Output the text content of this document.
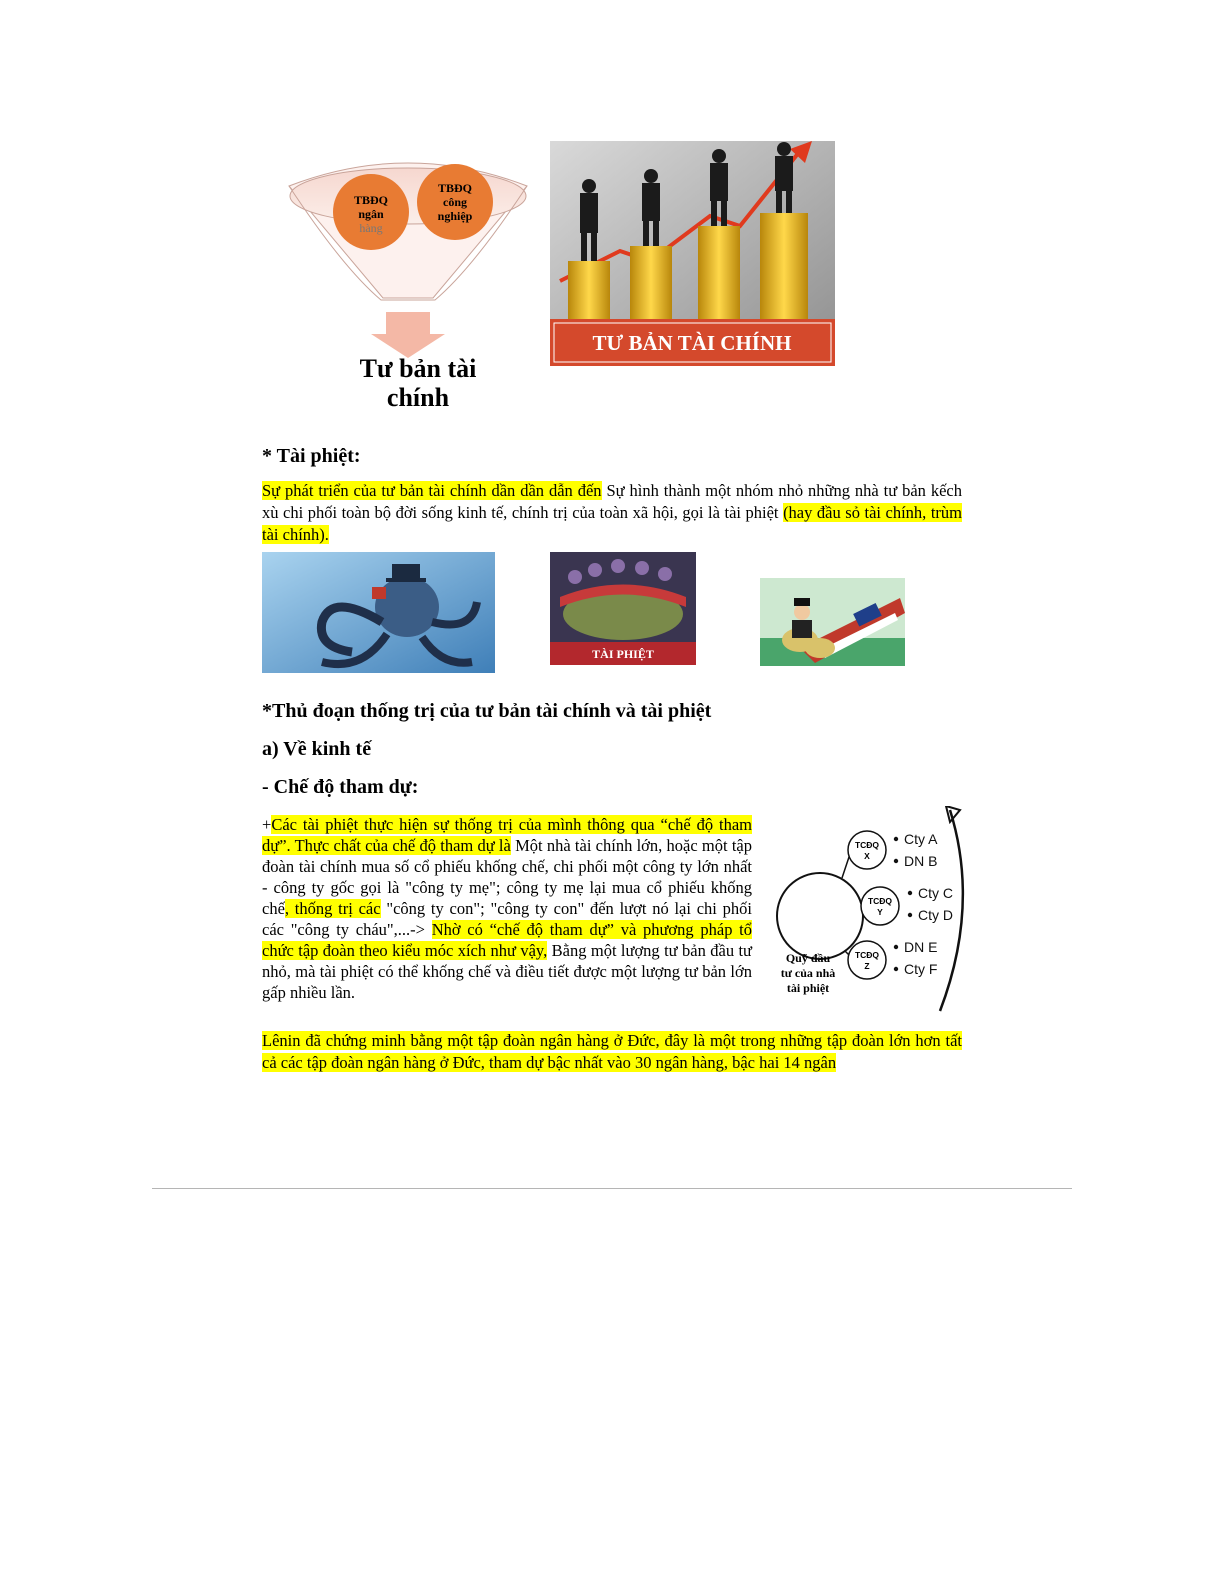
TBĐQ
ngân
hàng
TBĐQ
công
nghiệp
Tư bản tài
chính
TƯ BẢN TÀI CHÍNH
* Tài phiệt:
Sự phát triển của tư bản tài chính dần dần dẫn đến Sự hình thành một nhóm nhỏ những nhà tư bản kếch xù chi phối toàn bộ đời sống kinh tế, chính trị của toàn xã hội, gọi là tài phiệt (hay đầu sỏ tài chính, trùm tài chính).
TÀI PHIỆT
*Thủ đoạn thống trị của tư bản tài chính và tài phiệt
a) Về kinh tế
- Chế độ tham dự:
+Các tài phiệt thực hiện sự thống trị của mình thông qua “chế độ tham dự”. Thực chất của chế độ tham dự là Một nhà tài chính lớn, hoặc một tập đoàn tài chính mua số cổ phiếu khống chế, chi phối một công ty lớn nhất - công ty gốc gọi là "công ty mẹ"; công ty mẹ lại mua cổ phiếu khống chế, thống trị các "công ty con"; "công ty con" đến lượt nó lại chi phối các "công ty cháu",...-> Nhờ có “chế độ tham dự” và phương pháp tổ chức tập đoàn theo kiểu móc xích như vậy, Bằng một lượng tư bản đầu tư nhỏ, mà tài phiệt có thể khống chế và điều tiết được một lượng tư bản lớn gấp nhiều lần.
TCĐQ
X
TCĐQ
Y
TCĐQ
Z
Cty A
DN B
Cty C
Cty D
DN E
Cty F
Quỹ đầu
tư của nhà
tài phiệt
Lênin đã chứng minh bằng một tập đoàn ngân hàng ở Đức, đây là một trong những tập đoàn lớn hơn tất cả các tập đoàn ngân hàng ở Đức, tham dự bậc nhất vào 30 ngân hàng, bậc hai 14 ngân
